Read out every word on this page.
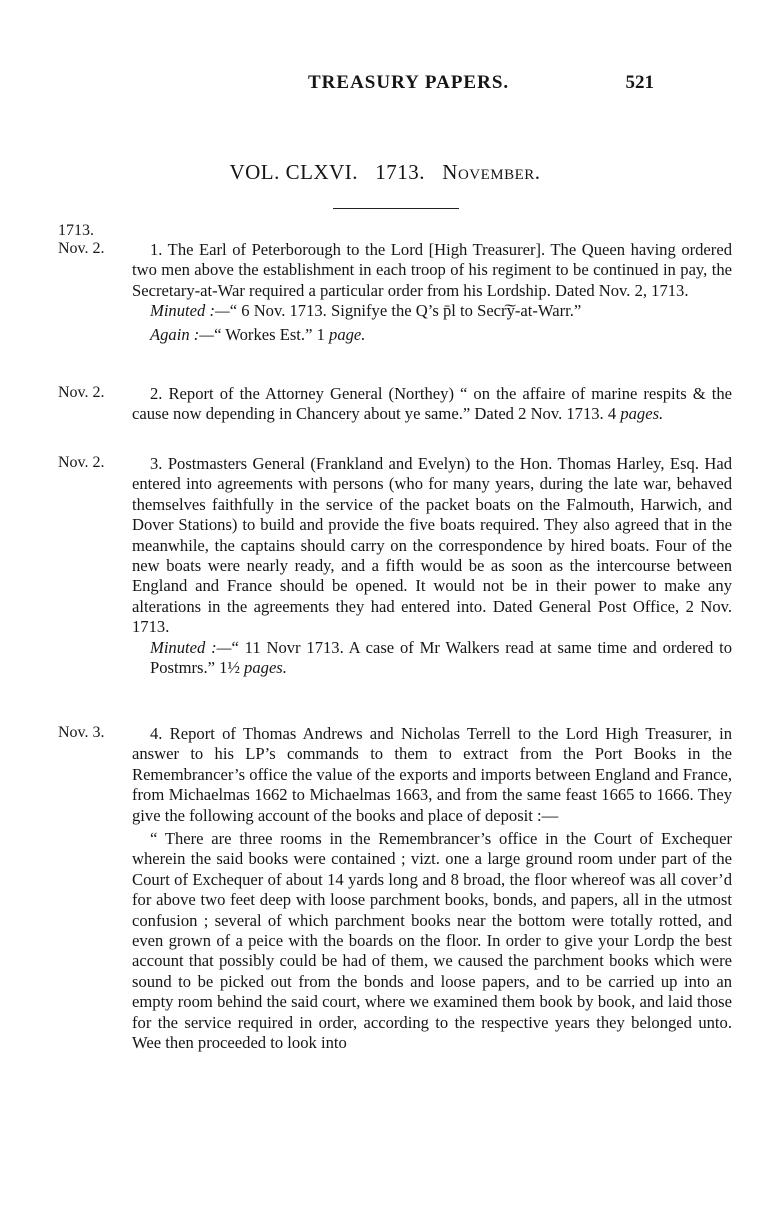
TREASURY PAPERS.	521
VOL. CLXVI. 1713. November.
1713.
Nov. 2.	1. The Earl of Peterborough to the Lord [High Treasurer]. The Queen having ordered two men above the establishment in each troop of his regiment to be continued in pay, the Secretary-at-War required a particular order from his Lordship. Dated Nov. 2, 1713.

Minuted :—“ 6 Nov. 1713. Signifye the Q’s p̄l to Secr͠y-at-Warr.”

Again :—“ Workes Est.” 1 page.

Nov. 2.	2. Report of the Attorney General (Northey) “ on the affaire of marine respits & the cause now depending in Chancery about ye same.” Dated 2 Nov. 1713. 4 pages.

Nov. 2.	3. Postmasters General (Frankland and Evelyn) to the Hon. Thomas Harley, Esq. Had entered into agreements with persons (who for many years, during the late war, behaved themselves faithfully in the service of the packet boats on the Falmouth, Harwich, and Dover Stations) to build and provide the five boats required. They also agreed that in the meanwhile, the captains should carry on the correspondence by hired boats. Four of the new boats were nearly ready, and a fifth would be as soon as the intercourse between England and France should be opened. It would not be in their power to make any alterations in the agreements they had entered into. Dated General Post Office, 2 Nov. 1713.

Minuted :—“ 11 Novr 1713. A case of Mr Walkers read at same time and ordered to Postmrs.” 1½ pages.

Nov. 3.	4. Report of Thomas Andrews and Nicholas Terrell to the Lord High Treasurer, in answer to his LP’s commands to them to extract from the Port Books in the Remembrancer’s office the value of the exports and imports between England and France, from Michaelmas 1662 to Michaelmas 1663, and from the same feast 1665 to 1666. They give the following account of the books and place of deposit :—

“ There are three rooms in the Remembrancer’s office in the Court of Exchequer wherein the said books were contained ; vizt. one a large ground room under part of the Court of Exchequer of about 14 yards long and 8 broad, the floor whereof was all cover’d for above two feet deep with loose parchment books, bonds, and papers, all in the utmost confusion ; several of which parchment books near the bottom were totally rotted, and even grown of a peice with the boards on the floor. In order to give your Lordp the best account that possibly could be had of them, we caused the parchment books which were sound to be picked out from the bonds and loose papers, and to be carried up into an empty room behind the said court, where we examined them book by book, and laid those for the service required in order, according to the respective years they belonged unto. Wee then proceeded to look into
